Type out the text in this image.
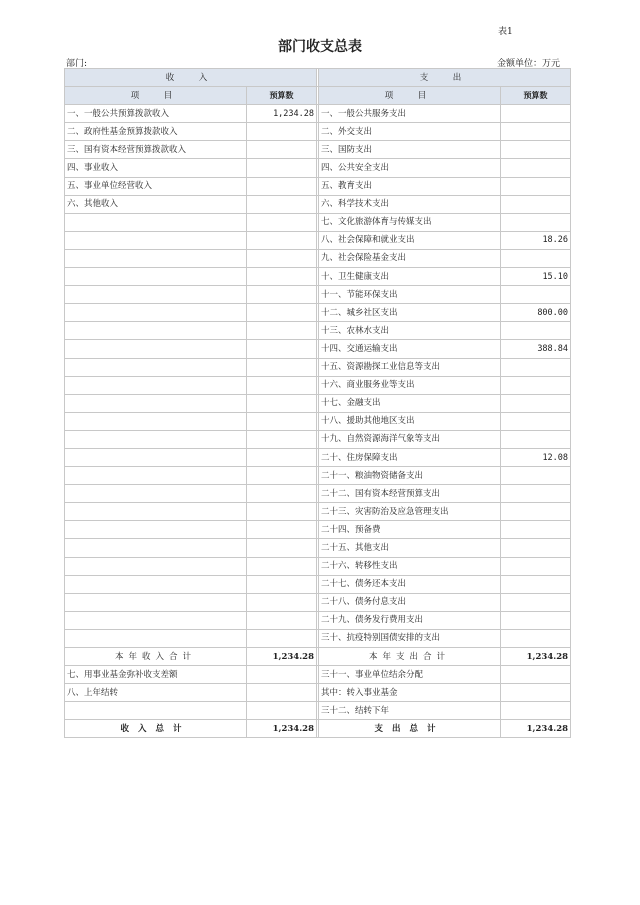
表1
部门收支总表
部门:	金额单位：万元
收　入			支　出	
项　目	预算数		项　目	预算数
一、一般公共预算拨款收入	1,234.28		一、一般公共服务支出	
二、政府性基金预算拨款收入			二、外交支出	
三、国有资本经营预算拨款收入			三、国防支出	
四、事业收入			四、公共安全支出	
五、事业单位经营收入			五、教育支出	
六、其他收入			六、科学技术支出	
			七、文化旅游体育与传媒支出	
			八、社会保障和就业支出	18.26
			九、社会保险基金支出	
			十、卫生健康支出	15.10
			十一、节能环保支出	
			十二、城乡社区支出	800.00
			十三、农林水支出	
			十四、交通运输支出	388.84
			十五、资源勘探工业信息等支出	
			十六、商业服务业等支出	
			十七、金融支出	
			十八、援助其他地区支出	
			十九、自然资源海洋气象等支出	
			二十、住房保障支出	12.08
			二十一、粮油物资储备支出	
			二十二、国有资本经营预算支出	
			二十三、灾害防治及应急管理支出	
			二十四、预备费	
			二十五、其他支出	
			二十六、转移性支出	
			二十七、债务还本支出	
			二十八、债务付息支出	
			二十九、债务发行费用支出	
			三十、抗疫特别国债安排的支出	
本年收入合计	1,234.28		本年支出合计	1,234.28
七、用事业基金弥补收支差额			三十一、事业单位结余分配	
八、上年结转			其中：转入事业基金	
			三十二、结转下年	
收入总计	1,234.28		支出总计	1,234.28
